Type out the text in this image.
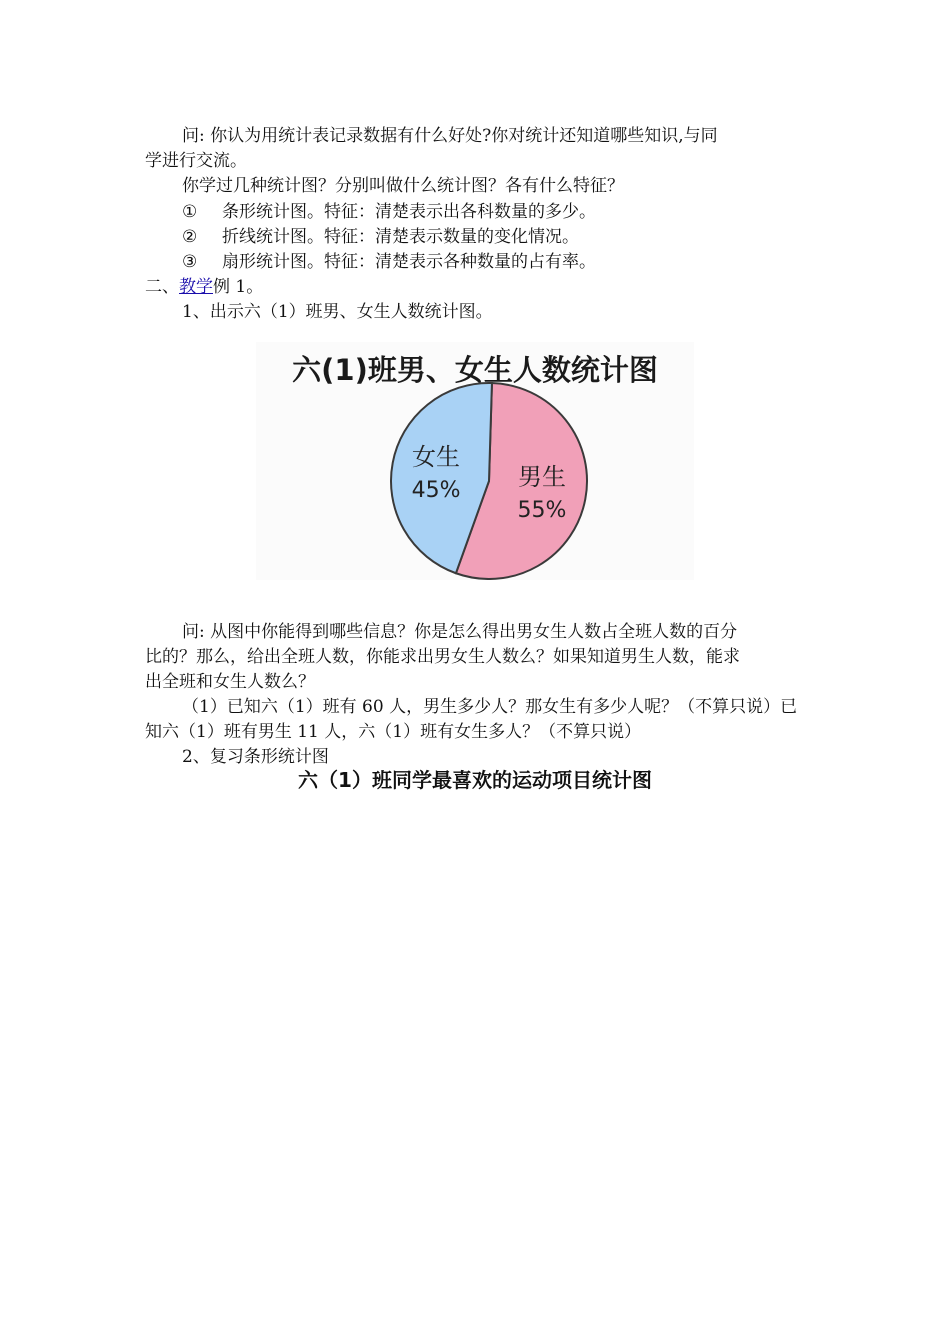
问: 你认为用统计表记录数据有什么好处?你对统计还知道哪些知识,与同
学进行交流。
你学过几种统计图？分别叫做什么统计图？各有什么特征？
① 条形统计图。特征：清楚表示出各科数量的多少。
② 折线统计图。特征：清楚表示数量的变化情况。
③ 扇形统计图。特征：清楚表示各种数量的占有率。
二、教学例 1。
1、出示六（1）班男、女生人数统计图。
六(1)班男、女生人数统计图
男生
55%
女生
45%
问: 从图中你能得到哪些信息？你是怎么得出男女生人数占全班人数的百分
比的？那么，给出全班人数，你能求出男女生人数么？如果知道男生人数，能求
出全班和女生人数么？
（1）已知六（1）班有 60 人，男生多少人？那女生有多少人呢？（不算只说）已
知六（1）班有男生 11 人，六（1）班有女生多人？（不算只说）
2、复习条形统计图
六（1）班同学最喜欢的运动项目统计图
